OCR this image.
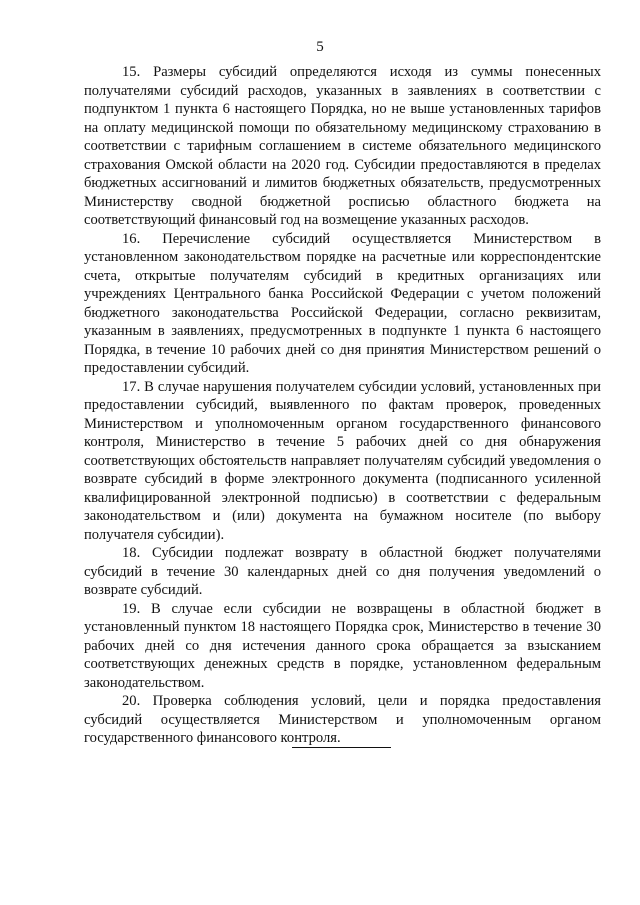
5

15. Размеры субсидий определяются исходя из суммы понесенных получателями субсидий расходов, указанных в заявлениях в соответствии с подпунктом 1 пункта 6 настоящего Порядка, но не выше установленных тарифов на оплату медицинской помощи по обязательному медицинскому страхованию в соответствии с тарифным соглашением в системе обязательного медицинского страхования Омской области на 2020 год. Субсидии предоставляются в пределах бюджетных ассигнований и лимитов бюджетных обязательств, предусмотренных Министерству сводной бюджетной росписью областного бюджета на соответствующий финансовый год на возмещение указанных расходов.

16. Перечисление субсидий осуществляется Министерством в установленном законодательством порядке на расчетные или корреспондентские счета, открытые получателям субсидий в кредитных организациях или учреждениях Центрального банка Российской Федерации с учетом положений бюджетного законодательства Российской Федерации, согласно реквизитам, указанным в заявлениях, предусмотренных в подпункте 1 пункта 6 настоящего Порядка, в течение 10 рабочих дней со дня принятия Министерством решений о предоставлении субсидий.

17. В случае нарушения получателем субсидии условий, установленных при предоставлении субсидий, выявленного по фактам проверок, проведенных Министерством и уполномоченным органом государственного финансового контроля, Министерство в течение 5 рабочих дней со дня обнаружения соответствующих обстоятельств направляет получателям субсидий уведомления о возврате субсидий в форме электронного документа (подписанного усиленной квалифицированной электронной подписью) в соответствии с федеральным законодательством и (или) документа на бумажном носителе (по выбору получателя субсидии).

18. Субсидии подлежат возврату в областной бюджет получателями субсидий в течение 30 календарных дней со дня получения уведомлений о возврате субсидий.

19. В случае если субсидии не возвращены в областной бюджет в установленный пунктом 18 настоящего Порядка срок, Министерство в течение 30 рабочих дней со дня истечения данного срока обращается за взысканием соответствующих денежных средств в порядке, установленном федеральным законодательством.

20. Проверка соблюдения условий, цели и порядка предоставления субсидий осуществляется Министерством и уполномоченным органом государственного финансового контроля.
